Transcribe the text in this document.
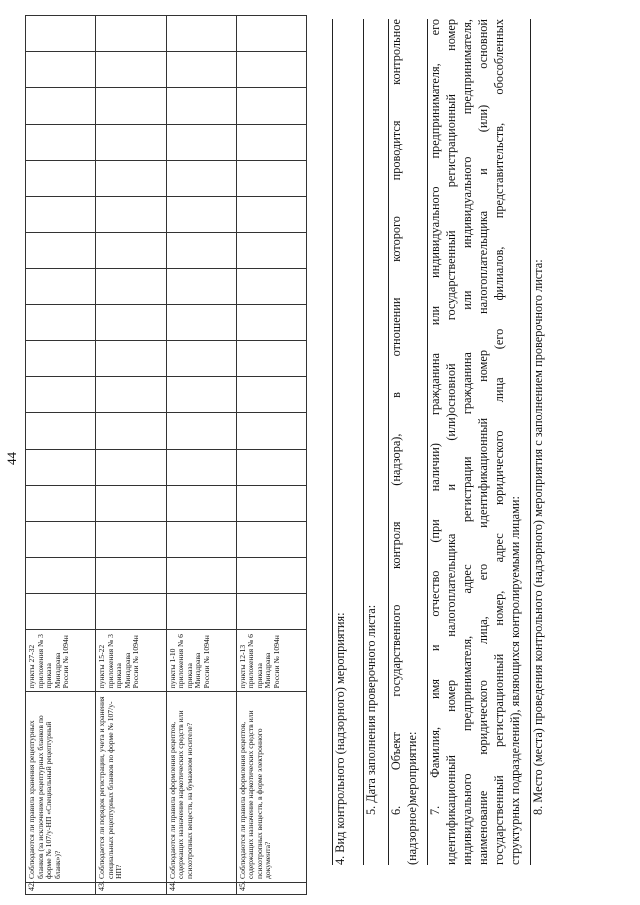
44
42.	Соблюдаются ли правила хранения рецептурных бланков (за исключением рецептурных бланков по форме № 107/у-НП «Специальный рецептурный бланк»)?	пункты 27-32 приложения № 3 приказа Минздрава России № 1094н																	
43.	Соблюдается ли порядок регистрации, учета и хранения специальных рецептурных бланков по форме № 107/у-НП?	пункты 15-22 приложения № 3 приказа Минздрава России № 1094н																	
44.	Соблюдаются ли правила оформления рецептов, содержащих назначение наркотических средств или психотропных веществ, на бумажном носителе?	пункты 1-10 приложения № 6 приказа Минздрава России № 1094н																	
45.	Соблюдаются ли правила оформления рецептов, содержащих назначение наркотических средств или психотропных веществ, в форме электронного документа?	пункты 12-13 приложения № 6 приказа Минздрава России № 1094н																		4. Вид контрольного (надзорного) мероприятия: 5. Дата заполнения проверочного листа: 6. Объект государственного контроля (надзора), в отношении которого проводится контрольное (надзорное)мероприятие: 7. Фамилия, имя и отчество (при наличии) гражданина или индивидуального предпринимателя, его идентификационный номер налогоплательщика и (или)основной государственный регистрационный номер индивидуального предпринимателя, адрес регистрации гражданина или индивидуального предпринимателя, наименование юридического лица, его идентификационный номер налогоплательщика и (или) основной государственный регистрационный номер, адрес юридического лица (его филиалов, представительств, обособленных структурных подразделений), являющихся контролируемыми лицами: 8. Место (места) проведения контрольного (надзорного) мероприятия с заполнением проверочного листа:
